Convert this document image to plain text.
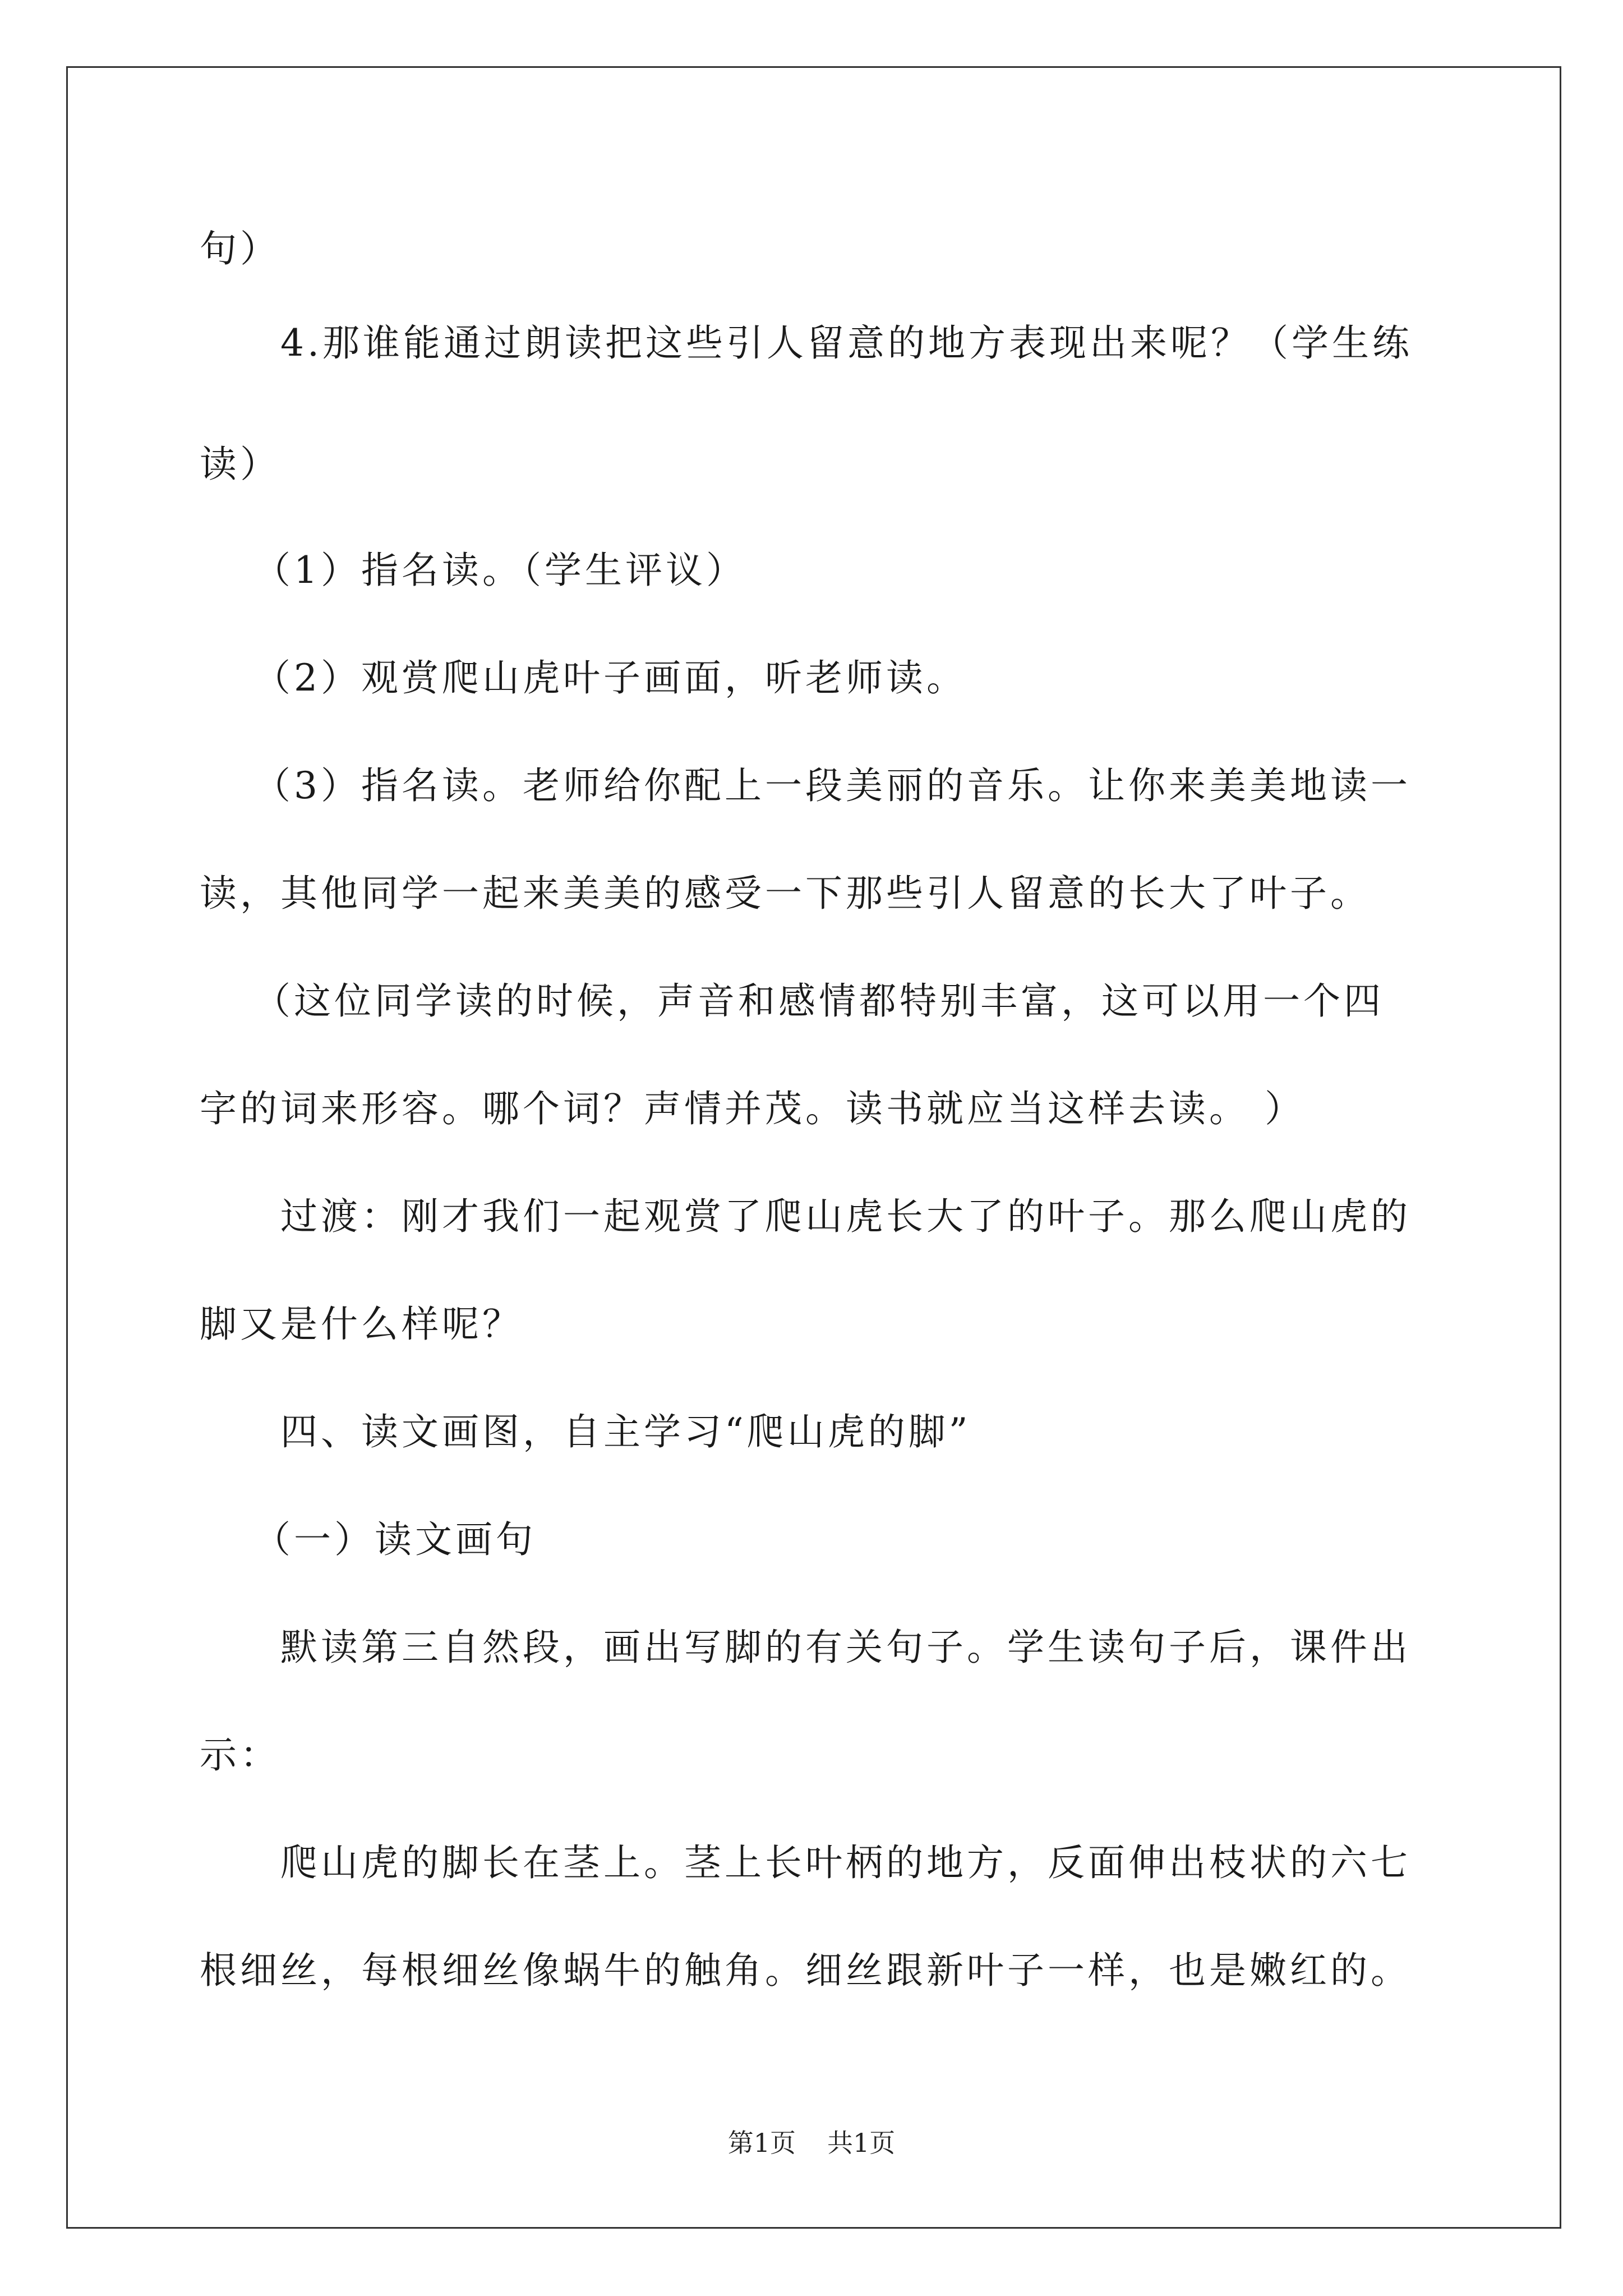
句）
4.那谁能通过朗读把这些引人留意的地方表现出来呢？（学生练
读）
（1）指名读。（学生评议）
（2）观赏爬山虎叶子画面，听老师读。
（3）指名读。老师给你配上一段美丽的音乐。让你来美美地读一
读，其他同学一起来美美的感受一下那些引人留意的长大了叶子。
（这位同学读的时候，声音和感情都特别丰富，这可以用一个四
字的词来形容。哪个词？声情并茂。读书就应当这样去读。 ）
过渡：刚才我们一起观赏了爬山虎长大了的叶子。那么爬山虎的
脚又是什么样呢？
四、读文画图，自主学习“爬山虎的脚”
（一）读文画句
默读第三自然段，画出写脚的有关句子。学生读句子后，课件出
示：
爬山虎的脚长在茎上。茎上长叶柄的地方，反面伸出枝状的六七
根细丝，每根细丝像蜗牛的触角。细丝跟新叶子一样，也是嫩红的。
第1页 共1页
